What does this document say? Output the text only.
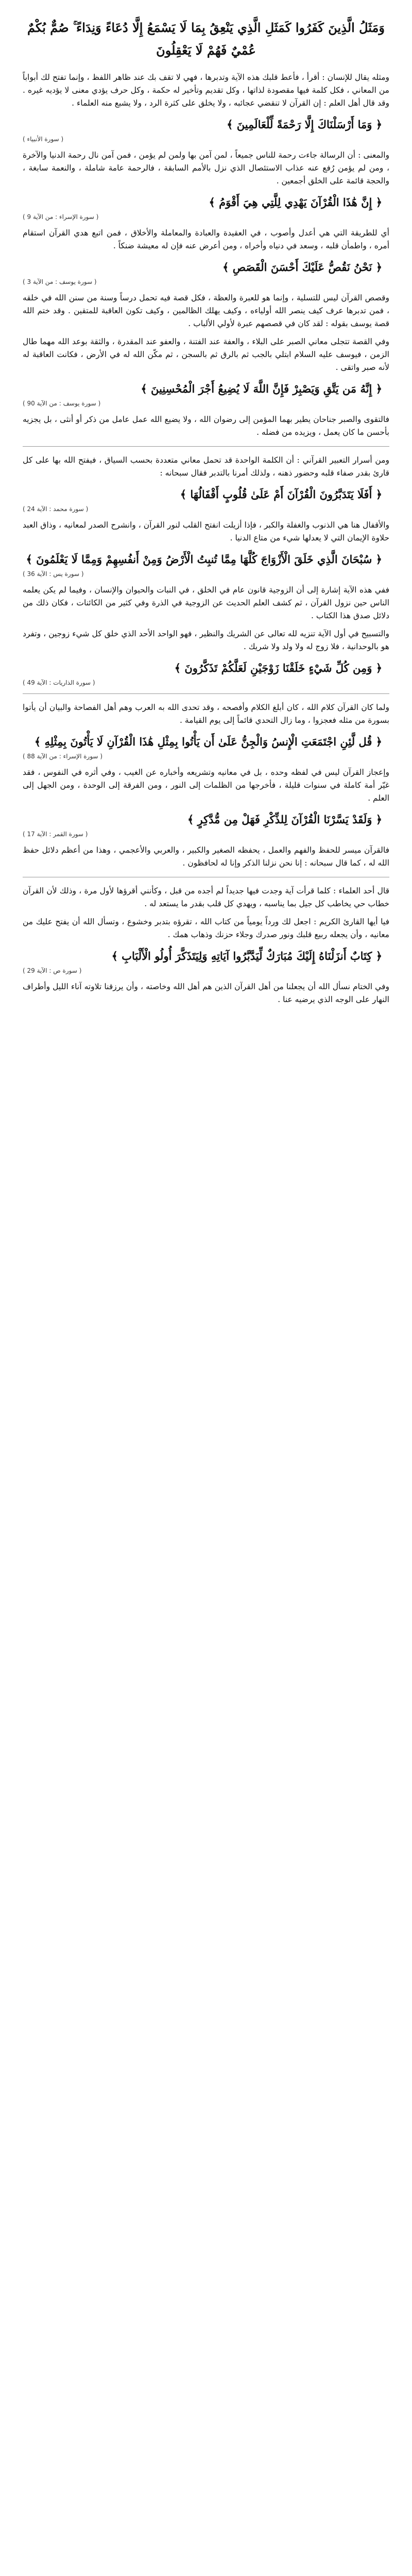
وَمَثَلُ الَّذِينَ كَفَرُوا كَمَثَلِ الَّذِي يَنْعِقُ بِمَا لَا يَسْمَعُ إِلَّا دُعَاءً وَنِدَاءً ۚ صُمٌّ بُكْمٌ عُمْيٌ فَهُمْ لَا يَعْقِلُونَ

ومثله يقال للإنسان : أقرأ ، فأعط قلبك هذه الآية وتدبرها ، فهي لا تقف بك عند ظاهر اللفظ ، وإنما تفتح لك أبواباً من المعاني ، فكل كلمة فيها مقصودة لذاتها ، وكل تقديم وتأخير له حكمة ، وكل حرف يؤدي معنى لا يؤديه غيره . وقد قال أهل العلم : إن القرآن لا تنقضي عجائبه ، ولا يخلق على كثرة الرد ، ولا يشبع منه العلماء .

﴿ وَمَا أَرْسَلْنَاكَ إِلَّا رَحْمَةً لِّلْعَالَمِينَ ﴾
( سورة الأنبياء )

والمعنى : أن الرسالة جاءت رحمة للناس جميعاً ، لمن آمن بها ولمن لم يؤمن ، فمن آمن نال رحمة الدنيا والآخرة ، ومن لم يؤمن رُفع عنه عذاب الاستئصال الذي نزل بالأمم السابقة ، فالرحمة عامة شاملة ، والنعمة سابغة ، والحجة قائمة على الخلق أجمعين .

﴿ إِنَّ هَٰذَا الْقُرْآنَ يَهْدِي لِلَّتِي هِيَ أَقْوَمُ ﴾
( سورة الإسراء : من الآية 9 )

أي للطريقة التي هي أعدل وأصوب ، في العقيدة والعبادة والمعاملة والأخلاق ، فمن اتبع هدي القرآن استقام أمره ، واطمأن قلبه ، وسعد في دنياه وأخراه ، ومن أعرض عنه فإن له معيشة ضنكاً .

﴿ نَحْنُ نَقُصُّ عَلَيْكَ أَحْسَنَ الْقَصَصِ ﴾
( سورة يوسف : من الآية 3 )

وقصص القرآن ليس للتسلية ، وإنما هو للعبرة والعظة ، فكل قصة فيه تحمل درساً وسنة من سنن الله في خلقه ، فمن تدبرها عرف كيف ينصر الله أولياءه ، وكيف يهلك الظالمين ، وكيف تكون العاقبة للمتقين . وقد ختم الله قصة يوسف بقوله : لقد كان في قصصهم عبرة لأولي الألباب .

وفي القصة تتجلى معاني الصبر على البلاء ، والعفة عند الفتنة ، والعفو عند المقدرة ، والثقة بوعد الله مهما طال الزمن ، فيوسف عليه السلام ابتلي بالجب ثم بالرق ثم بالسجن ، ثم مكّن الله له في الأرض ، فكانت العاقبة له لأنه صبر واتقى .

﴿ إِنَّهُ مَن يَتَّقِ وَيَصْبِرْ فَإِنَّ اللَّهَ لَا يُضِيعُ أَجْرَ الْمُحْسِنِينَ ﴾
( سورة يوسف : من الآية 90 )

فالتقوى والصبر جناحان يطير بهما المؤمن إلى رضوان الله ، ولا يضيع الله عمل عامل من ذكر أو أنثى ، بل يجزيه بأحسن ما كان يعمل ، ويزيده من فضله .

ومن أسرار التعبير القرآني : أن الكلمة الواحدة قد تحمل معاني متعددة بحسب السياق ، فيفتح الله بها على كل قارئ بقدر صفاء قلبه وحضور ذهنه ، ولذلك أمرنا بالتدبر فقال سبحانه :

﴿ أَفَلَا يَتَدَبَّرُونَ الْقُرْآنَ أَمْ عَلَىٰ قُلُوبٍ أَقْفَالُهَا ﴾
( سورة محمد : الآية 24 )

والأقفال هنا هي الذنوب والغفلة والكبر ، فإذا أزيلت انفتح القلب لنور القرآن ، وانشرح الصدر لمعانيه ، وذاق العبد حلاوة الإيمان التي لا يعدلها شيء من متاع الدنيا .

﴿ سُبْحَانَ الَّذِي خَلَقَ الْأَزْوَاجَ كُلَّهَا مِمَّا تُنبِتُ الْأَرْضُ وَمِنْ أَنفُسِهِمْ وَمِمَّا لَا يَعْلَمُونَ ﴾
( سورة يس : الآية 36 )

ففي هذه الآية إشارة إلى أن الزوجية قانون عام في الخلق ، في النبات والحيوان والإنسان ، وفيما لم يكن يعلمه الناس حين نزول القرآن ، ثم كشف العلم الحديث عن الزوجية في الذرة وفي كثير من الكائنات ، فكان ذلك من دلائل صدق هذا الكتاب .

والتسبيح في أول الآية تنزيه لله تعالى عن الشريك والنظير ، فهو الواحد الأحد الذي خلق كل شيء زوجين ، وتفرد هو بالوحدانية ، فلا زوج له ولا ولد ولا شريك .

﴿ وَمِن كُلِّ شَيْءٍ خَلَقْنَا زَوْجَيْنِ لَعَلَّكُمْ تَذَكَّرُونَ ﴾
( سورة الذاريات : الآية 49 )

ولما كان القرآن كلام الله ، كان أبلغ الكلام وأفصحه ، وقد تحدى الله به العرب وهم أهل الفصاحة والبيان أن يأتوا بسورة من مثله فعجزوا ، وما زال التحدي قائماً إلى يوم القيامة .

﴿ قُل لَّئِنِ اجْتَمَعَتِ الْإِنسُ وَالْجِنُّ عَلَىٰ أَن يَأْتُوا بِمِثْلِ هَٰذَا الْقُرْآنِ لَا يَأْتُونَ بِمِثْلِهِ ﴾
( سورة الإسراء : من الآية 88 )

وإعجاز القرآن ليس في لفظه وحده ، بل في معانيه وتشريعه وأخباره عن الغيب ، وفي أثره في النفوس ، فقد غيّر أمة كاملة في سنوات قليلة ، فأخرجها من الظلمات إلى النور ، ومن الفرقة إلى الوحدة ، ومن الجهل إلى العلم .

﴿ وَلَقَدْ يَسَّرْنَا الْقُرْآنَ لِلذِّكْرِ فَهَلْ مِن مُّدَّكِرٍ ﴾
( سورة القمر : الآية 17 )

فالقرآن ميسر للحفظ والفهم والعمل ، يحفظه الصغير والكبير ، والعربي والأعجمي ، وهذا من أعظم دلائل حفظ الله له ، كما قال سبحانه : إنا نحن نزلنا الذكر وإنا له لحافظون .

قال أحد العلماء : كلما قرأت آية وجدت فيها جديداً لم أجده من قبل ، وكأنني أقرؤها لأول مرة ، وذلك لأن القرآن خطاب حي يخاطب كل جيل بما يناسبه ، ويهدي كل قلب بقدر ما يستعد له .

فيا أيها القارئ الكريم : اجعل لك ورداً يومياً من كتاب الله ، تقرؤه بتدبر وخشوع ، وتسأل الله أن يفتح عليك من معانيه ، وأن يجعله ربيع قلبك ونور صدرك وجلاء حزنك وذهاب همك .

﴿ كِتَابٌ أَنزَلْنَاهُ إِلَيْكَ مُبَارَكٌ لِّيَدَّبَّرُوا آيَاتِهِ وَلِيَتَذَكَّرَ أُولُو الْأَلْبَابِ ﴾
( سورة ص : الآية 29 )

وفي الختام نسأل الله أن يجعلنا من أهل القرآن الذين هم أهل الله وخاصته ، وأن يرزقنا تلاوته آناء الليل وأطراف النهار على الوجه الذي يرضيه عنا .
